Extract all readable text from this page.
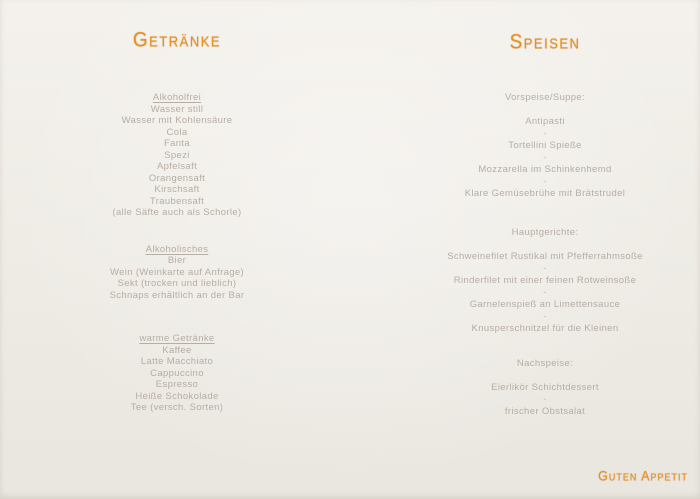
Getränke
Alkoholfrei
Wasser still
Wasser mit Kohlensäure
Cola
Fanta
Spezi
Apfelsaft
Orangensaft
Kirschsaft
Traubensaft
(alle Säfte auch als Schorle)
Alkoholisches
Bier
Wein (Weinkarte auf Anfrage)
Sekt (trocken und lieblich)
Schnaps erhältlich an der Bar
warme Getränke
Kaffee
Latte Macchiato
Cappuccino
Espresso
Heiße Schokolade
Tee (versch. Sorten)
Speisen
Vorspeise/Suppe:
Antipasti
-
Tortellini Spieße
-
Mozzarella im Schinkenhemd
-
Klare Gemüsebrühe mit Brätstrudel
Hauptgerichte:
Schweinefilet Rustikal mit Pfefferrahmsoße
-
Rinderfilet mit einer feinen Rotweinsoße
-
Garnelenspieß an Limettensauce
-
Knusperschnitzel für die Kleinen
Nachspeise:
Eierlikör Schichtdessert
-
frischer Obstsalat
Guten Appetit
